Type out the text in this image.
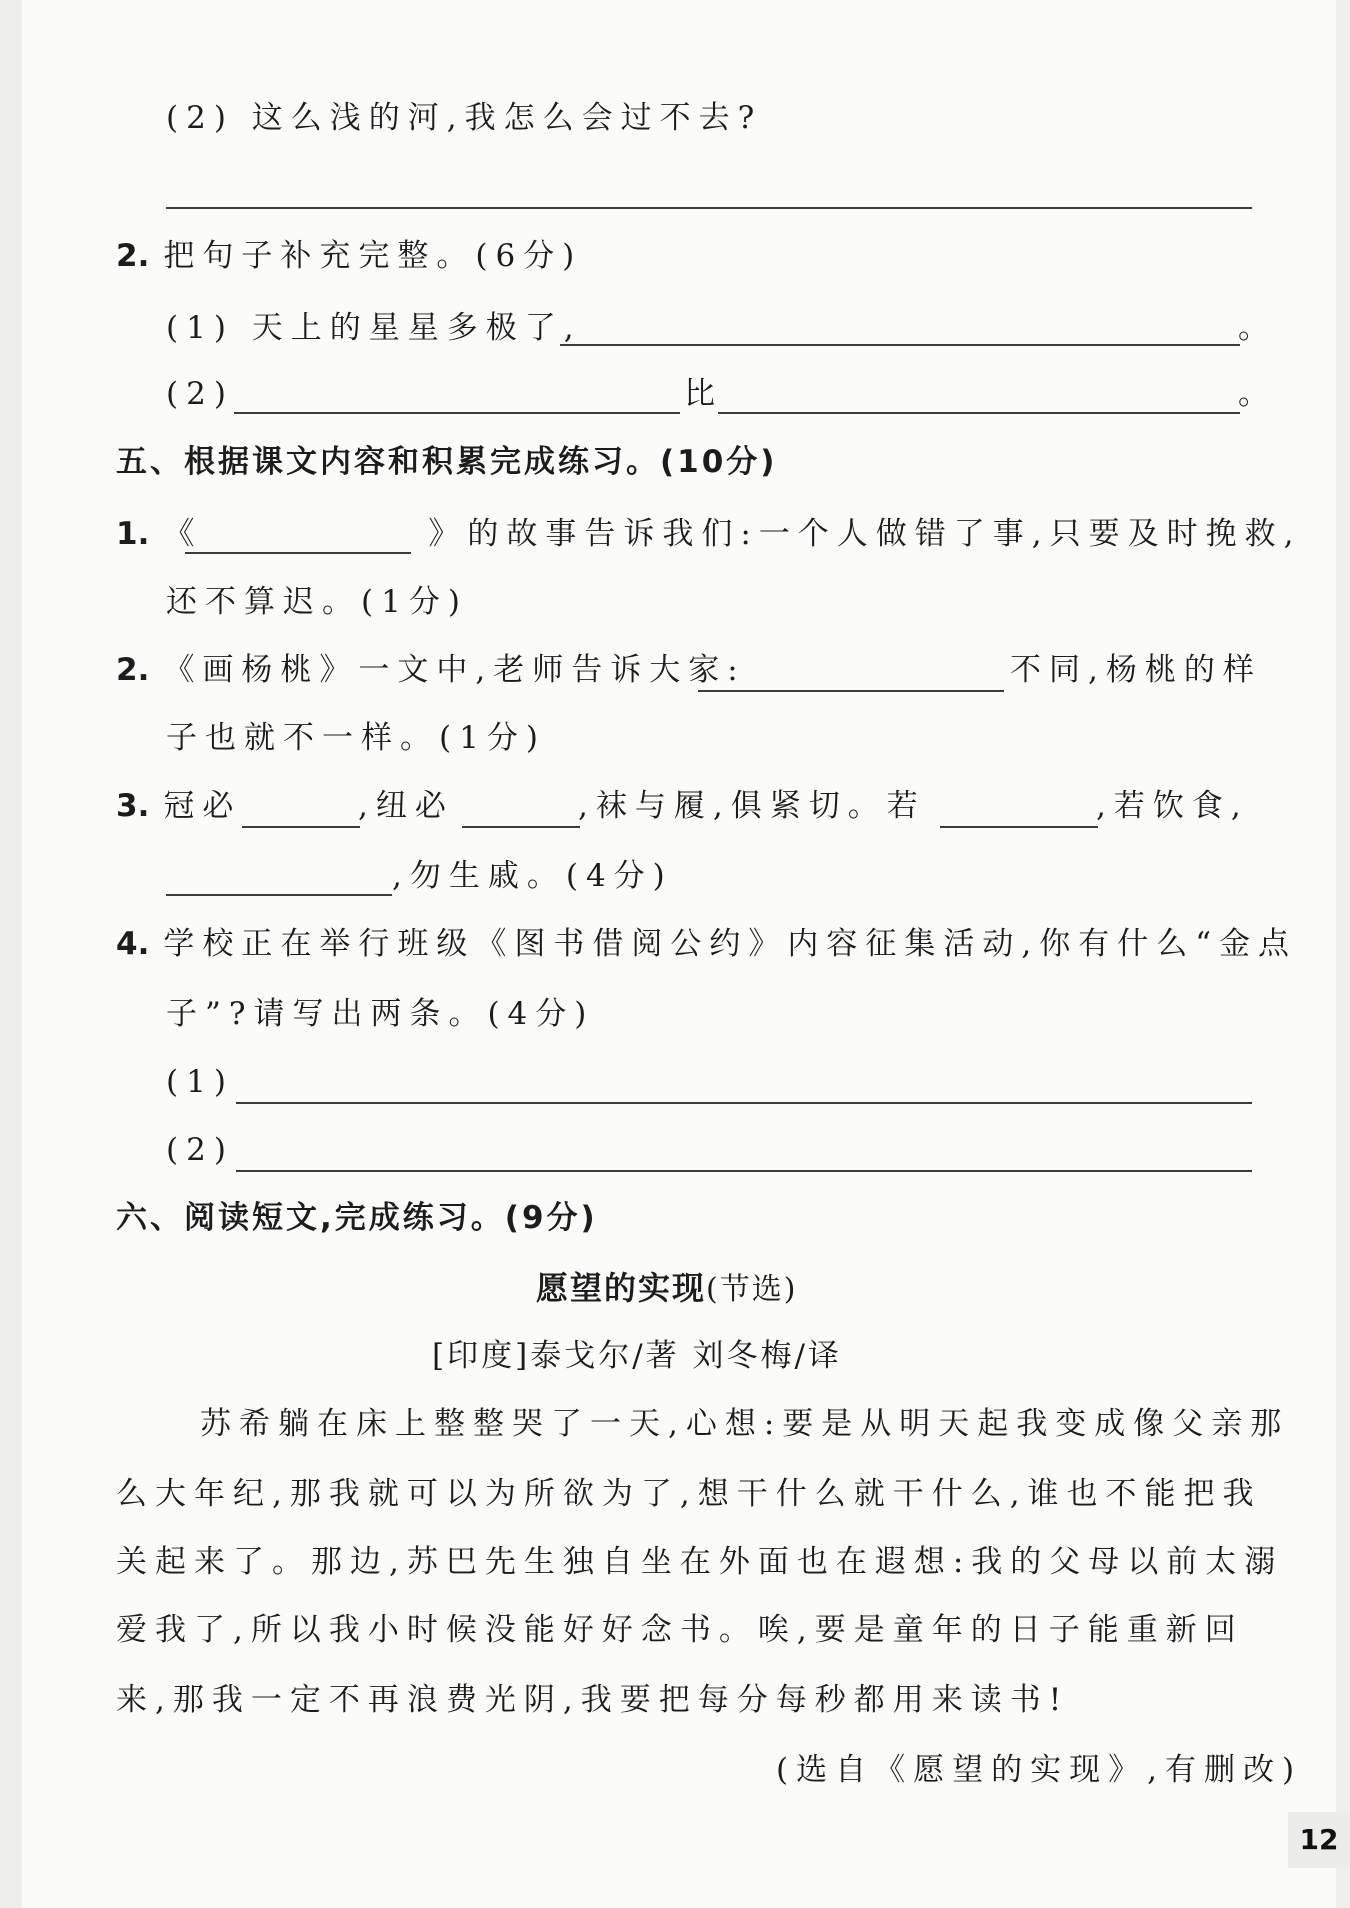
(2) 这么浅的河,我怎么会过不去?
2. 把句子补充完整。(6分)
(1) 天上的星星多极了,	。
(2)	比	。
五、根据课文内容和积累完成练习。(10分)
1. 《	》的故事告诉我们:一个人做错了事,只要及时挽救,
还不算迟。(1分)
2. 《画杨桃》一文中,老师告诉大家:	不同,杨桃的样
子也就不一样。(1分)
3. 冠必	,纽必	,袜与履,俱紧切。若	,若饮食,
,勿生戚。(4分)
4. 学校正在举行班级《图书借阅公约》内容征集活动,你有什么“金点
子”?请写出两条。(4分)
(1)
(2)
六、阅读短文,完成练习。(9分)
愿望的实现(节选)
[印度]泰戈尔/著 刘冬梅/译
苏希躺在床上整整哭了一天,心想:要是从明天起我变成像父亲那
么大年纪,那我就可以为所欲为了,想干什么就干什么,谁也不能把我
关起来了。那边,苏巴先生独自坐在外面也在遐想:我的父母以前太溺
爱我了,所以我小时候没能好好念书。唉,要是童年的日子能重新回
来,那我一定不再浪费光阴,我要把每分每秒都用来读书!
(选自《愿望的实现》,有删改)
12
